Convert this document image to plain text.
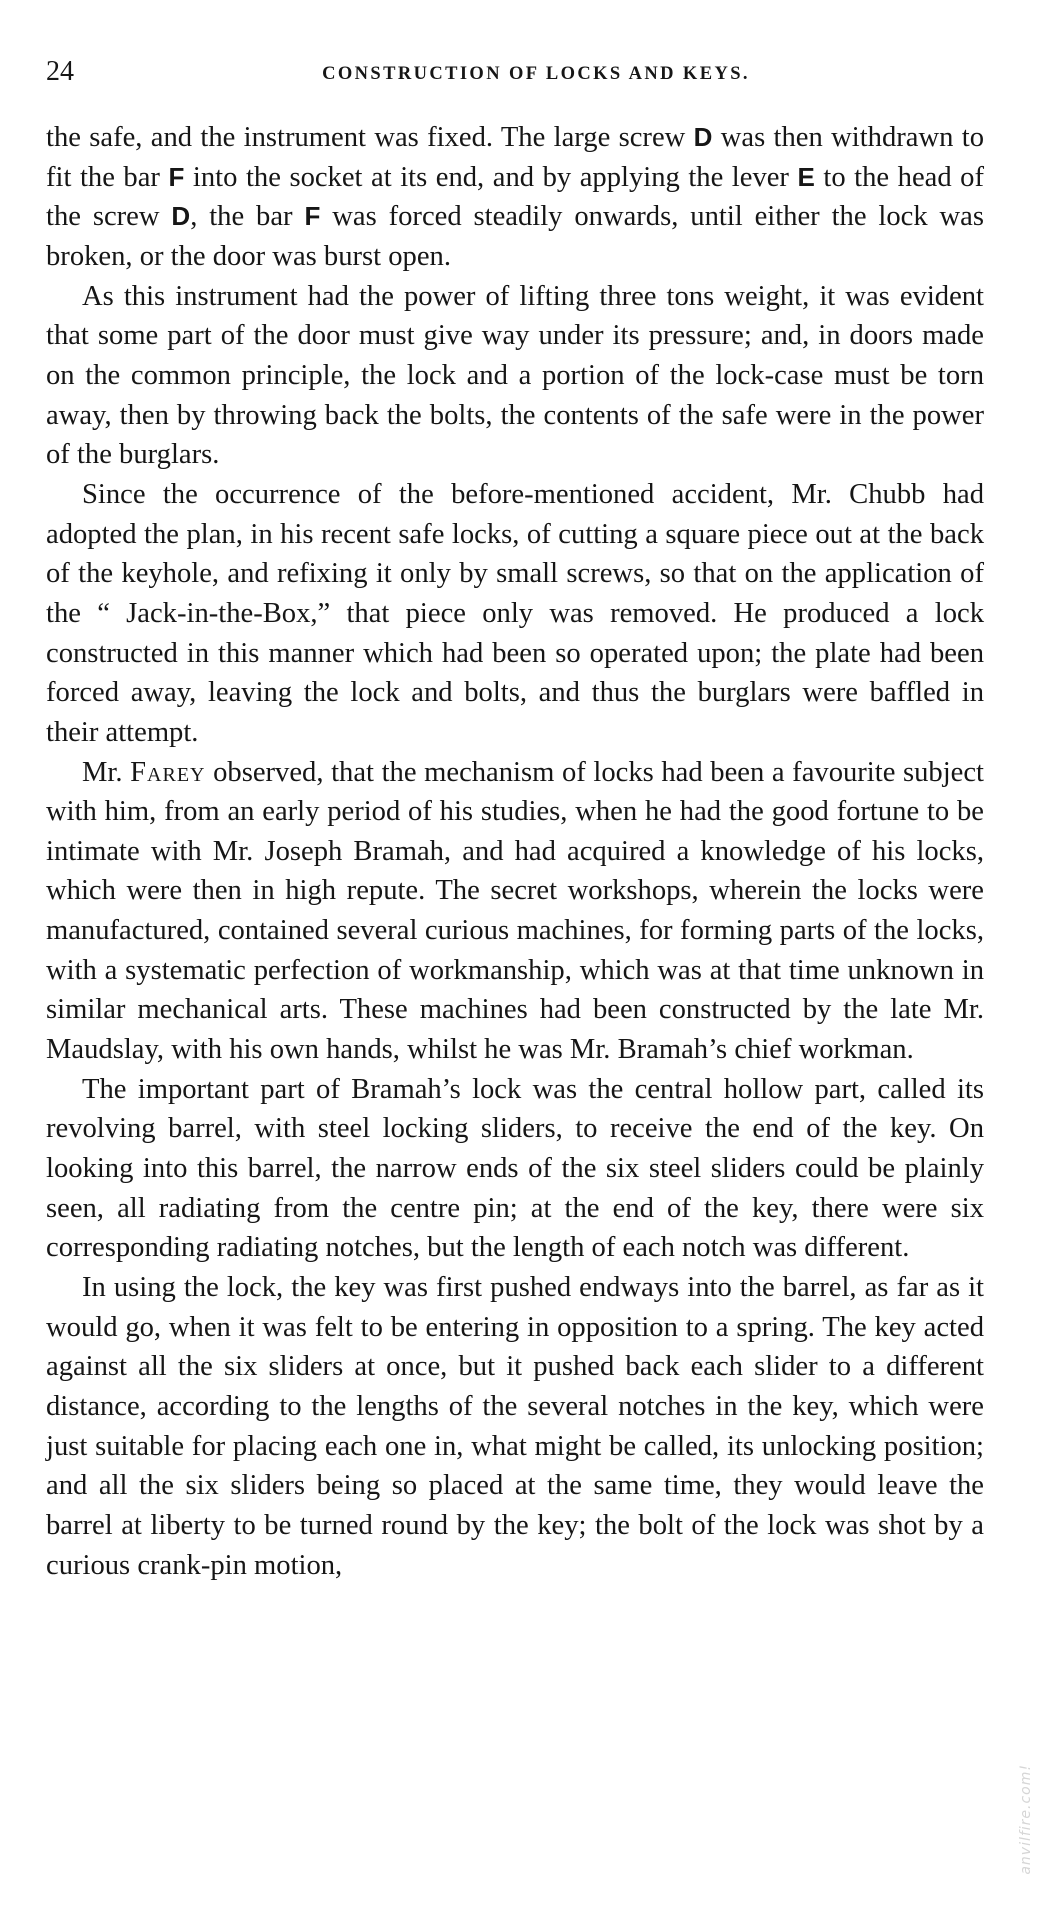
24	CONSTRUCTION OF LOCKS AND KEYS.

the safe, and the instrument was fixed. The large screw D was then withdrawn to fit the bar F into the socket at its end, and by applying the lever E to the head of the screw D, the bar F was forced steadily onwards, until either the lock was broken, or the door was burst open.

As this instrument had the power of lifting three tons weight, it was evident that some part of the door must give way under its pressure; and, in doors made on the common principle, the lock and a portion of the lock-case must be torn away, then by throwing back the bolts, the contents of the safe were in the power of the burglars.

Since the occurrence of the before-mentioned accident, Mr. Chubb had adopted the plan, in his recent safe locks, of cutting a square piece out at the back of the keyhole, and refixing it only by small screws, so that on the application of the “ Jack-in-the-Box,” that piece only was removed. He produced a lock constructed in this manner which had been so operated upon; the plate had been forced away, leaving the lock and bolts, and thus the burglars were baffled in their attempt.

Mr. Farey observed, that the mechanism of locks had been a favourite subject with him, from an early period of his studies, when he had the good fortune to be intimate with Mr. Joseph Bramah, and had acquired a knowledge of his locks, which were then in high repute. The secret workshops, wherein the locks were manufactured, contained several curious machines, for forming parts of the locks, with a systematic perfection of workmanship, which was at that time unknown in similar mechanical arts. These machines had been constructed by the late Mr. Maudslay, with his own hands, whilst he was Mr. Bramah’s chief workman.

The important part of Bramah’s lock was the central hollow part, called its revolving barrel, with steel locking sliders, to receive the end of the key. On looking into this barrel, the narrow ends of the six steel sliders could be plainly seen, all radiating from the centre pin; at the end of the key, there were six corresponding radiating notches, but the length of each notch was different.

In using the lock, the key was first pushed endways into the barrel, as far as it would go, when it was felt to be entering in opposition to a spring. The key acted against all the six sliders at once, but it pushed back each slider to a different distance, according to the lengths of the several notches in the key, which were just suitable for placing each one in, what might be called, its unlocking position; and all the six sliders being so placed at the same time, they would leave the barrel at liberty to be turned round by the key; the bolt of the lock was shot by a curious crank-pin motion,

anvilfire.com!
